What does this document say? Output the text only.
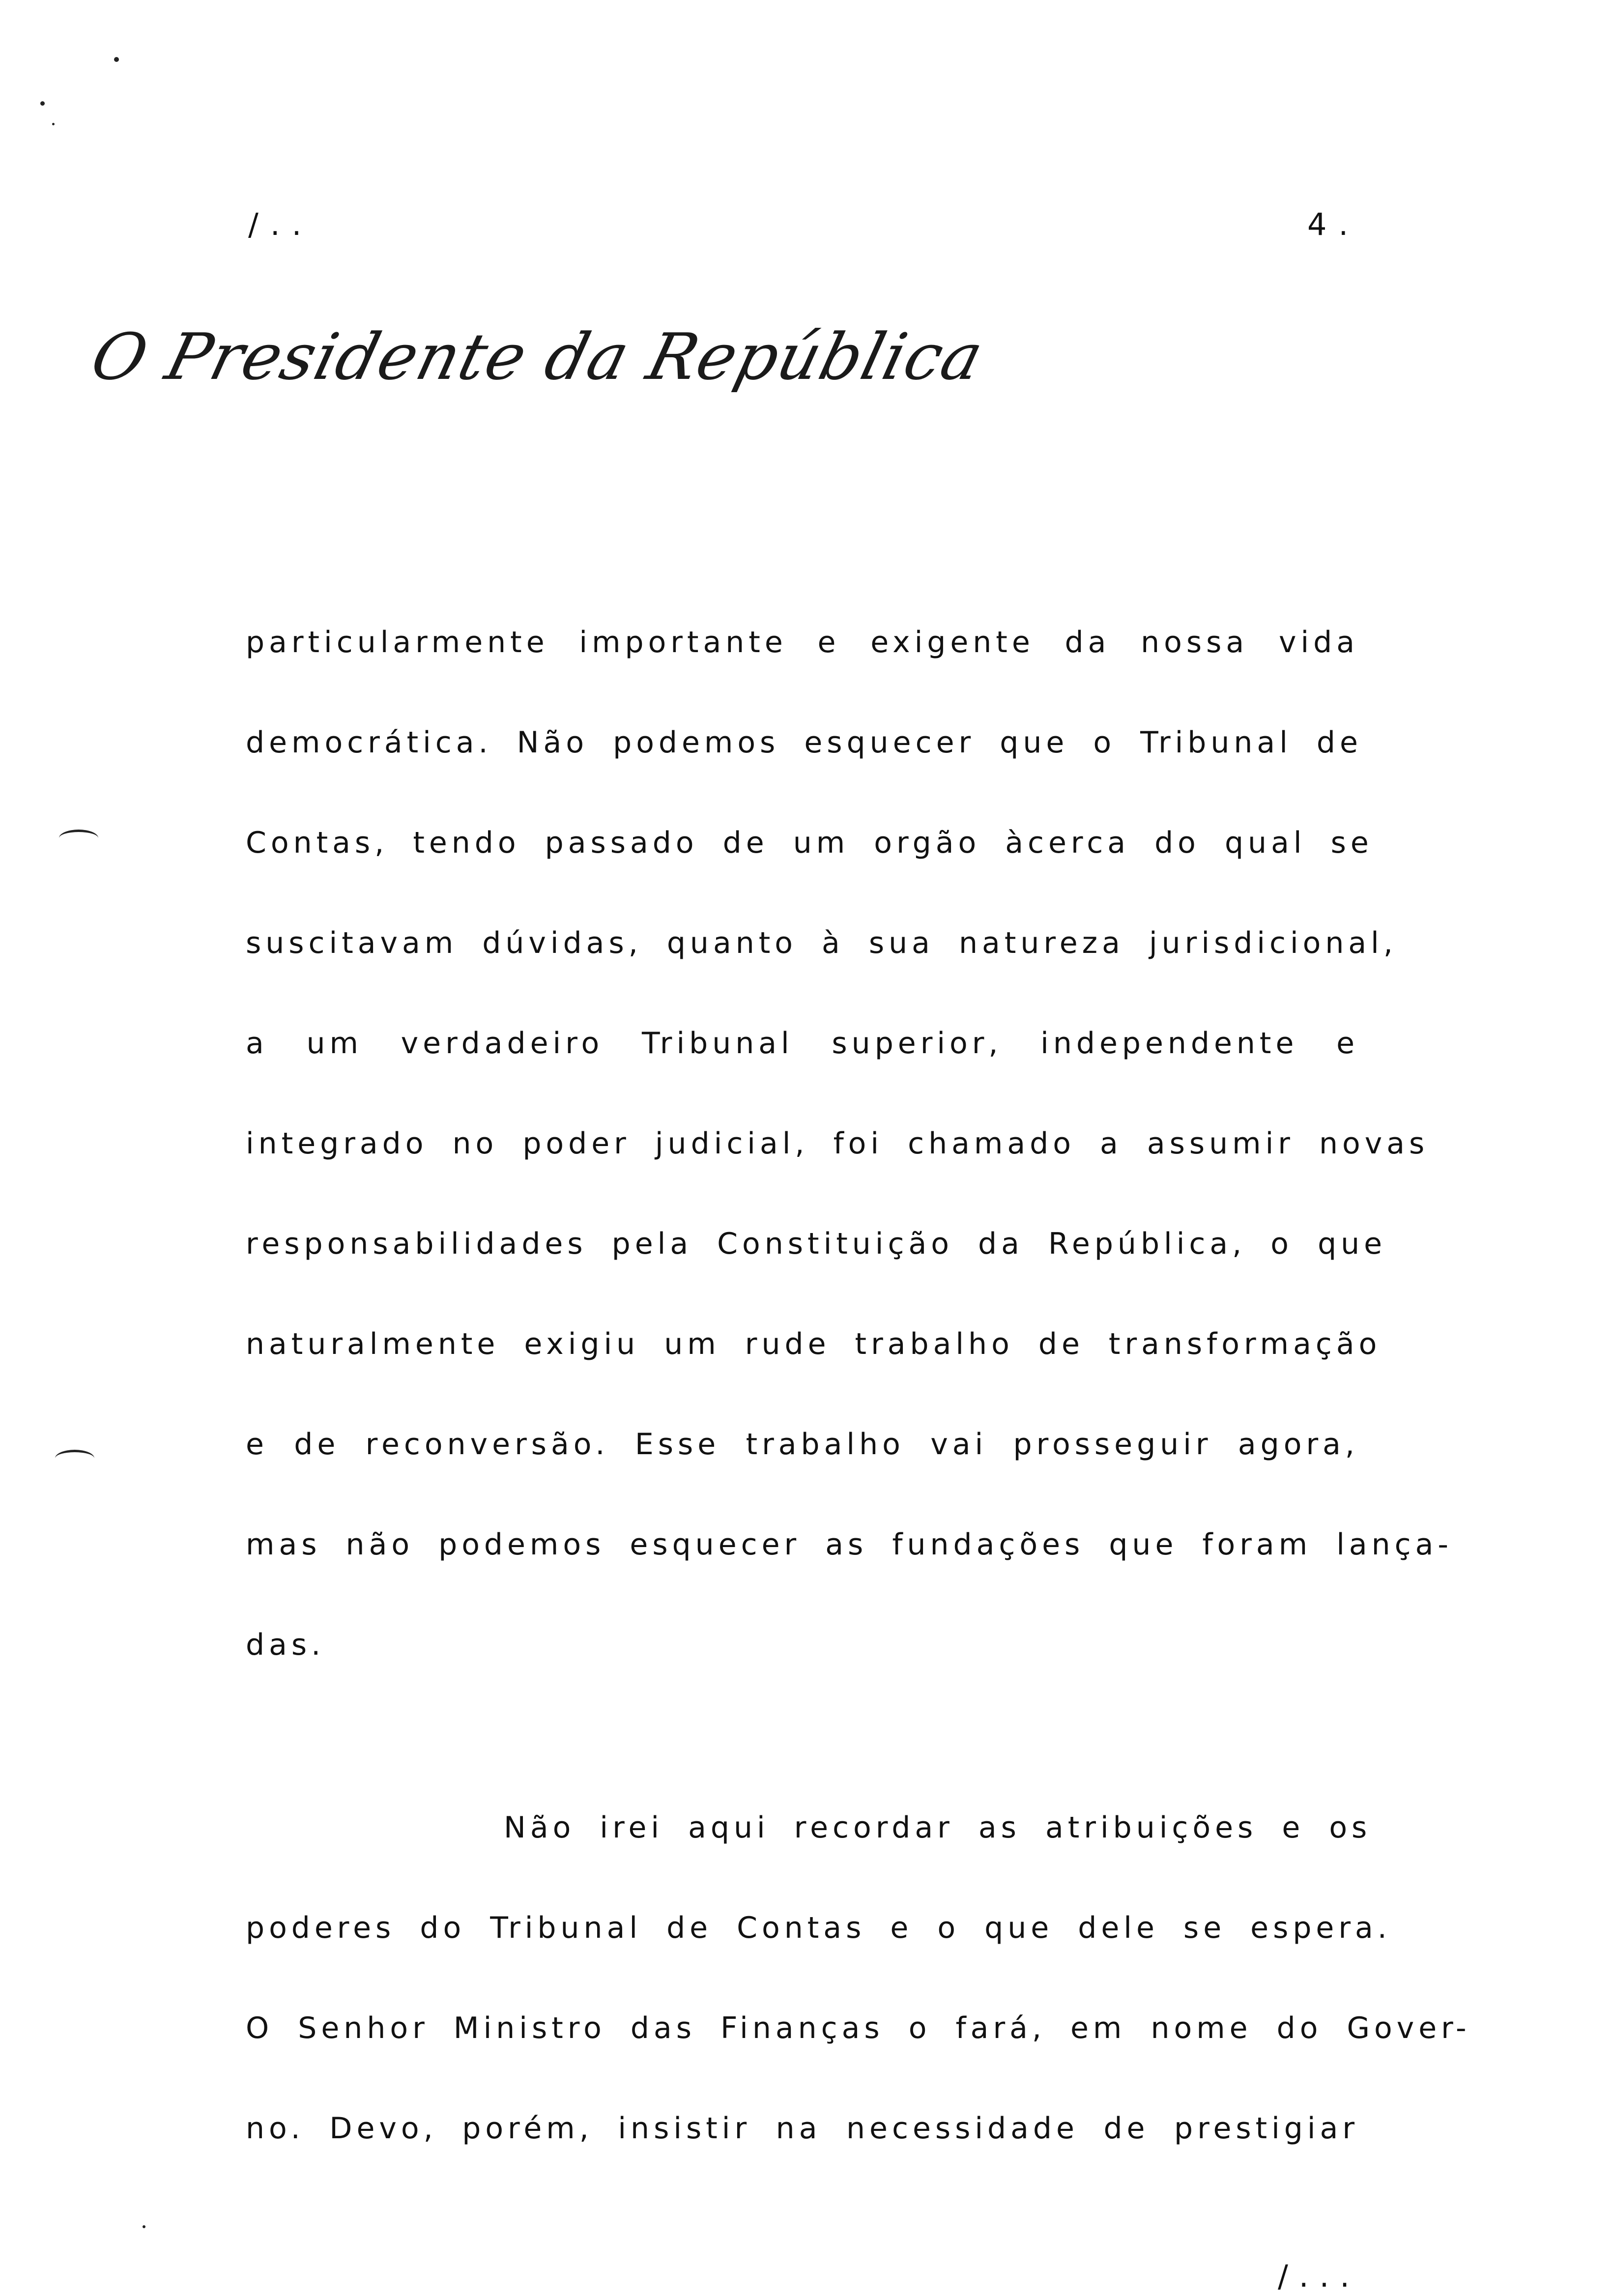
/..	4.
O Presidente da República
particularmente importante e exigente da nossa vida
democrática. Não podemos esquecer que o Tribunal de
Contas, tendo passado de um orgão àcerca do qual se
suscitavam dúvidas, quanto à sua natureza jurisdicional,
a um verdadeiro Tribunal superior, independente e
integrado no poder judicial, foi chamado a assumir novas
responsabilidades pela Constituição da República, o que
naturalmente exigiu um rude trabalho de transformação
e de reconversão. Esse trabalho vai prosseguir agora,
mas não podemos esquecer as fundações que foram lança-
das.
Não irei aqui recordar as atribuições e os
poderes do Tribunal de Contas e o que dele se espera.
O Senhor Ministro das Finanças o fará, em nome do Gover-
no. Devo, porém, insistir na necessidade de prestigiar
/...
